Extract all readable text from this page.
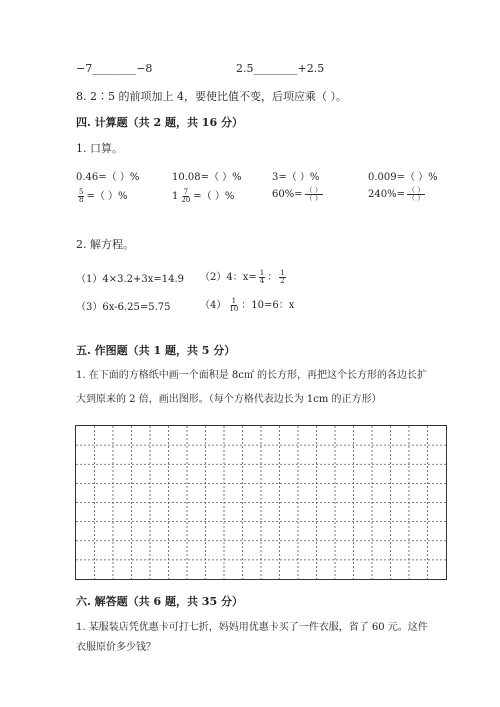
−7________−8	2.5________+2.5
8. 2∶5 的前项加上 4，要使比值不变，后项应乘（ ）。
四. 计算题（共 2 题，共 16 分）
1. 口算。
0.46=（ ）%	10.08=（ ）%	3=（ ）%	0.009=（ ）%
$\frac{5}{8}$ =（ ）%	$1 \frac{7}{20}$ =（ ）%	$60\%= \frac{( )}{( )}$	$240\%= \frac{( )}{( )}$
2. 解方程。
（1）4×3.2+3x=14.9 （2）4：$x= \frac{1}{4}$ ： $\frac{1}{2}$
（3）6x-6.25=5.75	$(4) \frac{1}{10}$ ：10=6：x
五. 作图题（共 1 题，共 5 分）
1. 在下面的方格纸中画一个面积是 8c㎡ 的长方形，再把这个长方形的各边长扩
大到原来的 2 倍，画出图形。（每个方格代表边长为 1cm 的正方形）
六. 解答题（共 6 题，共 35 分）
1. 某服装店凭优惠卡可打七折，妈妈用优惠卡买了一件衣服，省了 60 元。这件
衣服原价多少钱？
